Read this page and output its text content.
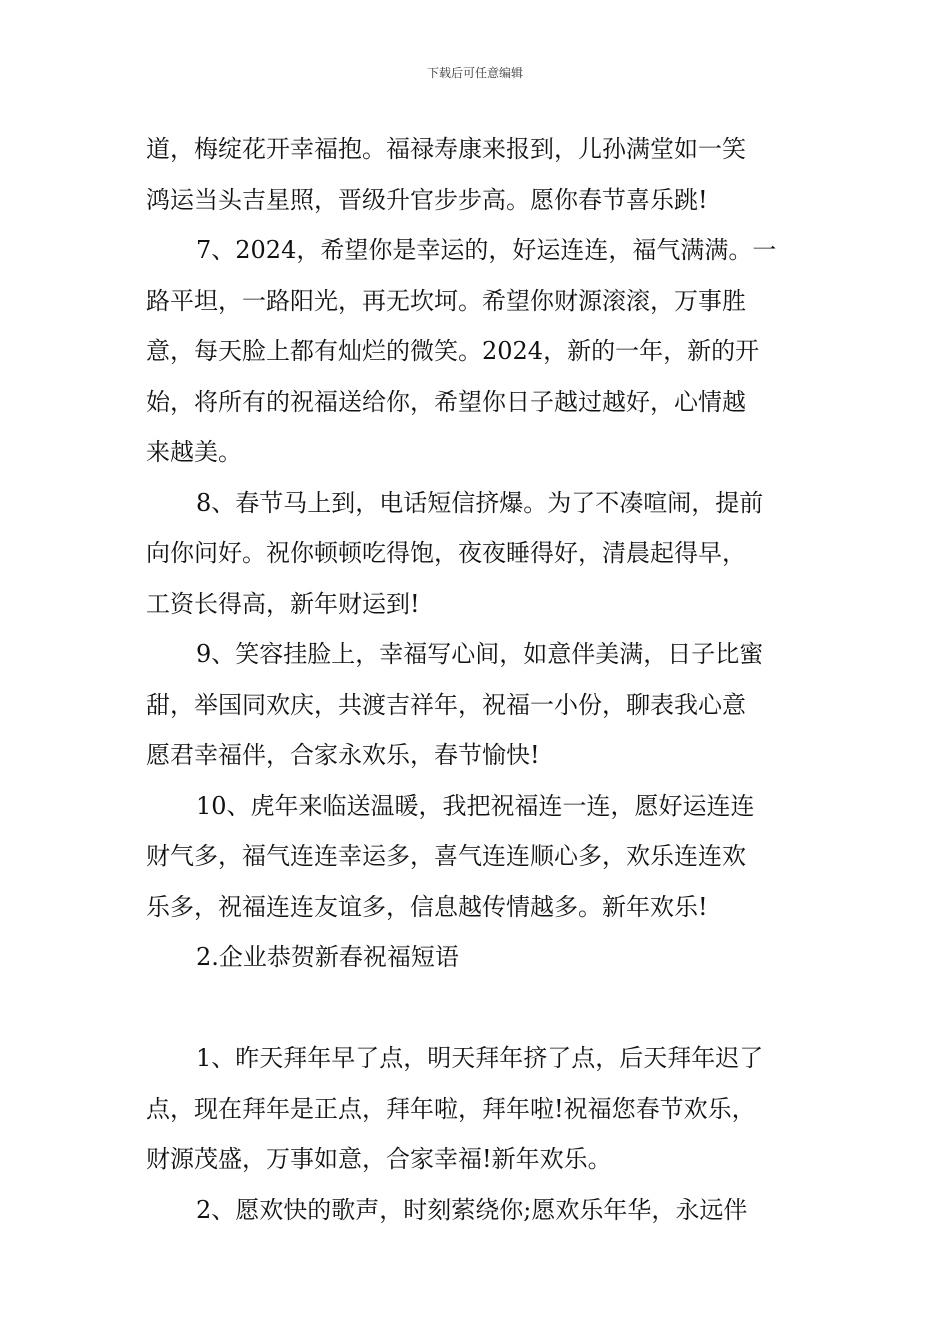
下载后可任意编辑
道，梅绽花开幸福抱。福禄寿康来报到，儿孙满堂如一笑
鸿运当头吉星照，晋级升官步步高。愿你春节喜乐跳!
7、2024，希望你是幸运的，好运连连，福气满满。一
路平坦，一路阳光，再无坎坷。希望你财源滚滚，万事胜
意，每天脸上都有灿烂的微笑。2024，新的一年，新的开
始，将所有的祝福送给你，希望你日子越过越好，心情越
来越美。
8、春节马上到，电话短信挤爆。为了不凑喧闹，提前
向你问好。祝你顿顿吃得饱，夜夜睡得好，清晨起得早，
工资长得高，新年财运到!
9、笑容挂脸上，幸福写心间，如意伴美满，日子比蜜
甜，举国同欢庆，共渡吉祥年，祝福一小份，聊表我心意
愿君幸福伴，合家永欢乐，春节愉快!
10、虎年来临送温暖，我把祝福连一连，愿好运连连
财气多，福气连连幸运多，喜气连连顺心多，欢乐连连欢
乐多，祝福连连友谊多，信息越传情越多。新年欢乐!
2.企业恭贺新春祝福短语
1、昨天拜年早了点，明天拜年挤了点，后天拜年迟了
点，现在拜年是正点，拜年啦，拜年啦!祝福您春节欢乐，
财源茂盛，万事如意，合家幸福!新年欢乐。
2、愿欢快的歌声，时刻萦绕你;愿欢乐年华，永远伴
